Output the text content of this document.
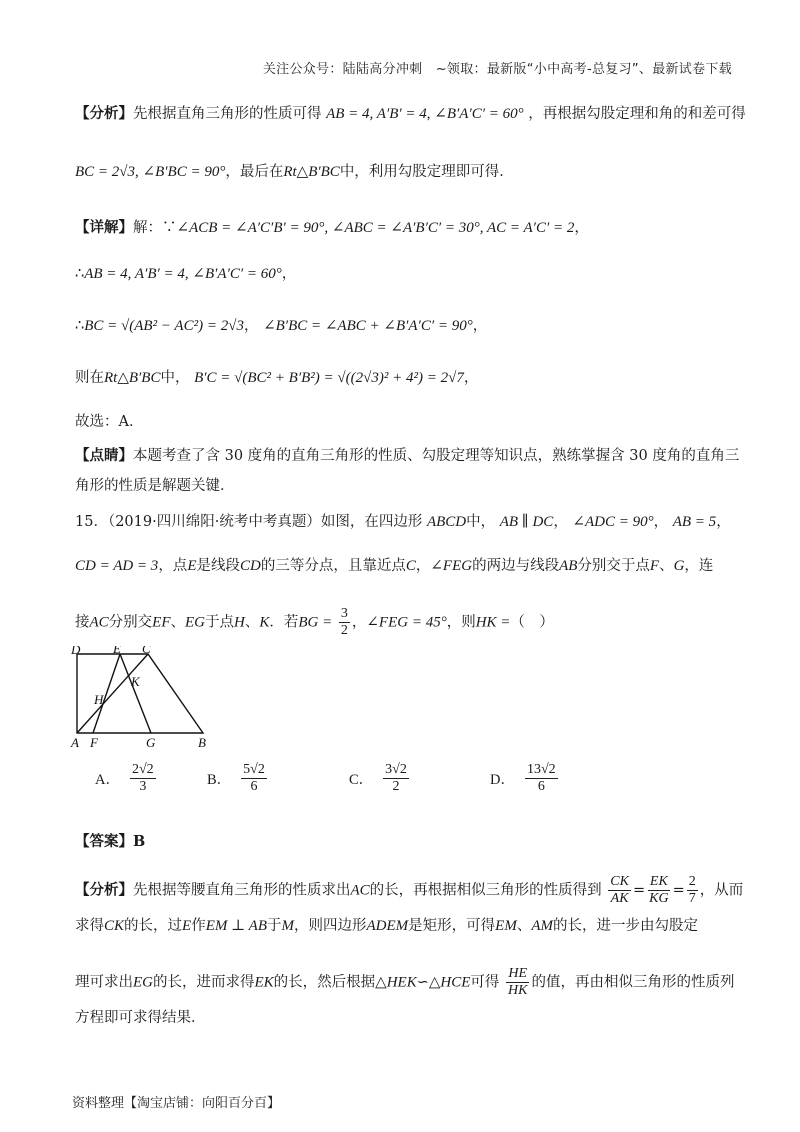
关注公众号：陆陆高分冲刺　~领取：最新版“小中高考-总复习”、最新试卷下载
【分析】先根据直角三角形的性质可得 AB = 4, A′B′ = 4, ∠B′A′C′ = 60° ，再根据勾股定理和角的和差可得
BC = 2√3, ∠B′BC = 90°，最后在Rt△B′BC中，利用勾股定理即可得．
【详解】解：∵∠ACB = ∠A′C′B′ = 90°, ∠ABC = ∠A′B′C′ = 30°, AC = A′C′ = 2，
∴AB = 4, A′B′ = 4, ∠B′A′C′ = 60°，
∴BC = √(AB² − AC²) = 2√3， ∠B′BC = ∠ABC + ∠B′A′C′ = 90°，
则在Rt△B′BC中， B′C = √(BC² + B′B²) = √((2√3)² + 4²) = 2√7，
故选：A．
【点睛】本题考查了含 30 度角的直角三角形的性质、勾股定理等知识点，熟练掌握含 30 度角的直角三
角形的性质是解题关键．
15．（2019·四川绵阳·统考中考真题）如图，在四边形 ABCD中， AB ∥ DC， ∠ADC = 90°， AB = 5，
CD = AD = 3，点E是线段CD的三等分点，且靠近点C，∠FEG的两边与线段AB分别交于点F、G，连
接AC分别交EF、EG于点H、K．若BG = $\frac{3}{2}$ ，∠FEG = 45°，则HK =（　）
A． $\frac{2√2}{3}$	B． $\frac{5√2}{6}$	C． $\frac{3√2}{2}$	D． $\frac{13√2}{6}$
【答案】B
【分析】先根据等腰直角三角形的性质求出AC的长，再根据相似三角形的性质得到 $\frac{CK}{AK} = \frac{EK}{KG} = \frac{2}{7}$ ，从而
求得CK的长，过E作EM ⊥ AB于M，则四边形ADEM是矩形，可得EM、AM的长，进一步由勾股定
理可求出EG的长，进而求得EK的长，然后根据△HEK∽△HCE可得 $\frac{HE}{HK}$ 的值，再由相似三角形的性质列
方程即可求得结果．
D	E C
H
K
A F	G	B
资料整理【淘宝店铺：向阳百分百】
